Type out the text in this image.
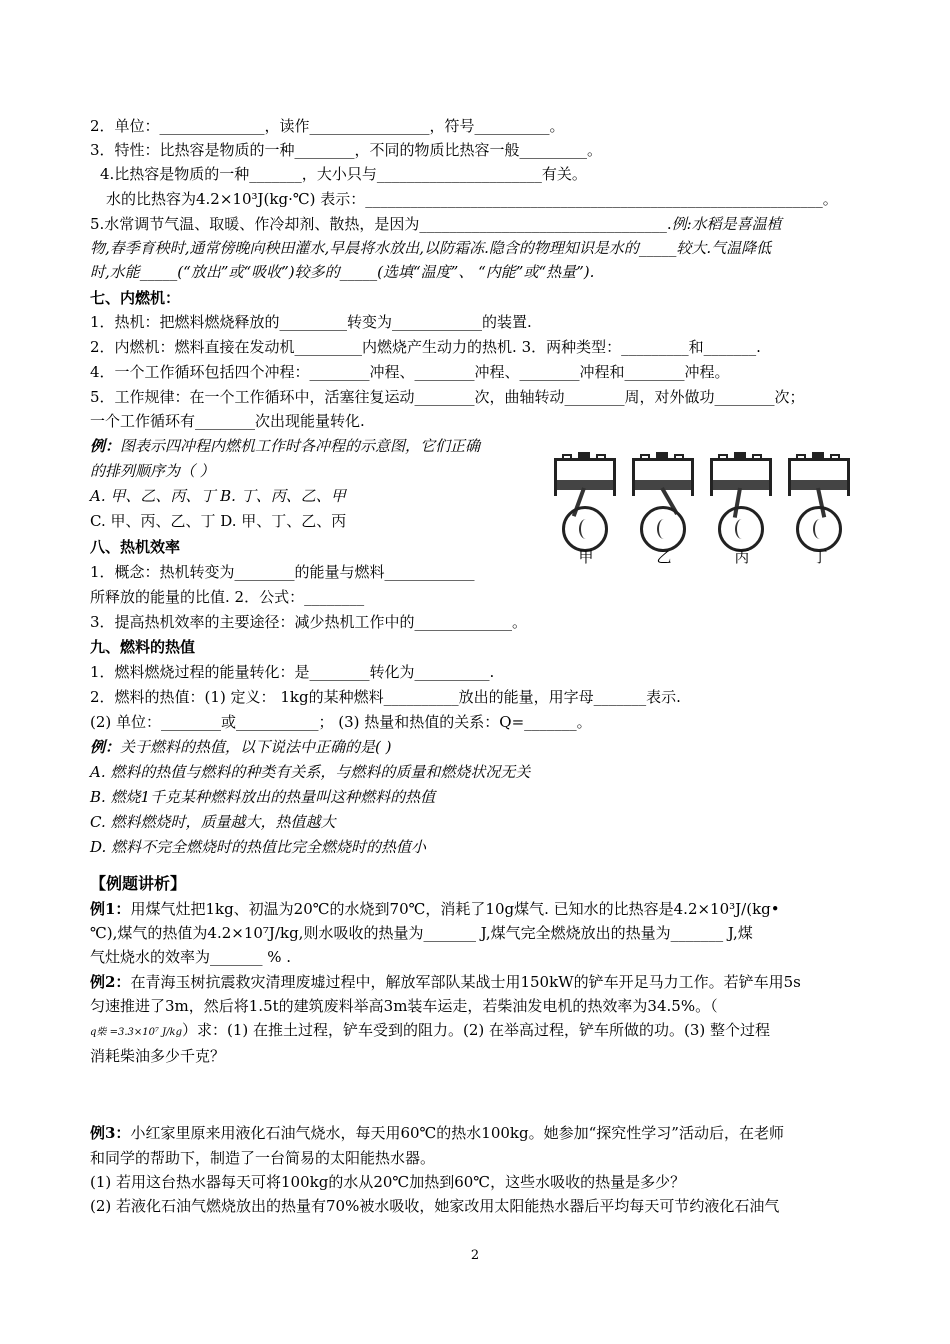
2．单位：______________，读作________________，符号__________。
3．特性：比热容是物质的一种________，不同的物质比热容一般_________。
4.比热容是物质的一种_______，大小只与______________________有关。
水的比热容为4.2×10³J(kg·℃) 表示：_____________________________________________________________。
5.水常调节气温、取暖、作冷却剂、散热，是因为_________________________________.例:水稻是喜温植
物,春季育秧时,通常傍晚向秧田灌水,早晨将水放出,以防霜冻.隐含的物理知识是水的_____较大.气温降低
时,水能_____(“放出”或“吸收”)较多的_____(选填“温度”、 “内能”或“热量”).
七、内燃机：
1．热机：把燃料燃烧释放的_________转变为____________的装置.
2．内燃机：燃料直接在发动机_________内燃烧产生动力的热机. 3．两种类型：_________和_______.
4．一个工作循环包括四个冲程：________冲程、________冲程、________冲程和________冲程。
5．工作规律：在一个工作循环中，活塞往复运动________次，曲轴转动________周，对外做功________次；
一个工作循环有________次出现能量转化.
例：图表示四冲程内燃机工作时各冲程的示意图，它们正确
的排列顺序为（ ）
A. 甲、乙、丙、丁 B. 丁、丙、乙、甲
C. 甲、丙、乙、丁 D. 甲、丁、乙、丙
甲	乙	丙	丁
八、热机效率
1．概念：热机转变为________的能量与燃料____________
所释放的能量的比值. 2．公式：________
3．提高热机效率的主要途径：减少热机工作中的_____________。
九、燃料的热值
1．燃料燃烧过程的能量转化：是________转化为__________.
2．燃料的热值：(1) 定义： 1kg的某种燃料__________放出的能量，用字母_______表示.
(2) 单位：________或___________； (3) 热量和热值的关系：Q=_______。
例：关于燃料的热值，以下说法中正确的是( )
A. 燃料的热值与燃料的种类有关系，与燃料的质量和燃烧状况无关
B. 燃烧1千克某种燃料放出的热量叫这种燃料的热值
C. 燃料燃烧时，质量越大，热值越大
D. 燃料不完全燃烧时的热值比完全燃烧时的热值小
【例题讲析】
例1：用煤气灶把1kg、初温为20℃的水烧到70℃，消耗了10g煤气. 已知水的比热容是4.2×10³J/(kg•
℃),煤气的热值为4.2×10⁷J/kg,则水吸收的热量为_______ J,煤气完全燃烧放出的热量为_______ J,煤
气灶烧水的效率为_______ % .
例2：在青海玉树抗震救灾清理废墟过程中，解放军部队某战士用150kW的铲车开足马力工作。若铲车用5s
匀速推进了3m，然后将1.5t的建筑废料举高3m装车运走，若柴油发电机的热效率为34.5%。（
q柴 =3.3×10⁷ J/kg）求：(1) 在推土过程，铲车受到的阻力。(2) 在举高过程，铲车所做的功。(3) 整个过程
消耗柴油多少千克？
例3：小红家里原来用液化石油气烧水，每天用60℃的热水100kg。她参加“探究性学习”活动后，在老师
和同学的帮助下，制造了一台简易的太阳能热水器。
(1) 若用这台热水器每天可将100kg的水从20℃加热到60℃，这些水吸收的热量是多少？
(2) 若液化石油气燃烧放出的热量有70%被水吸收，她家改用太阳能热水器后平均每天可节约液化石油气
2
